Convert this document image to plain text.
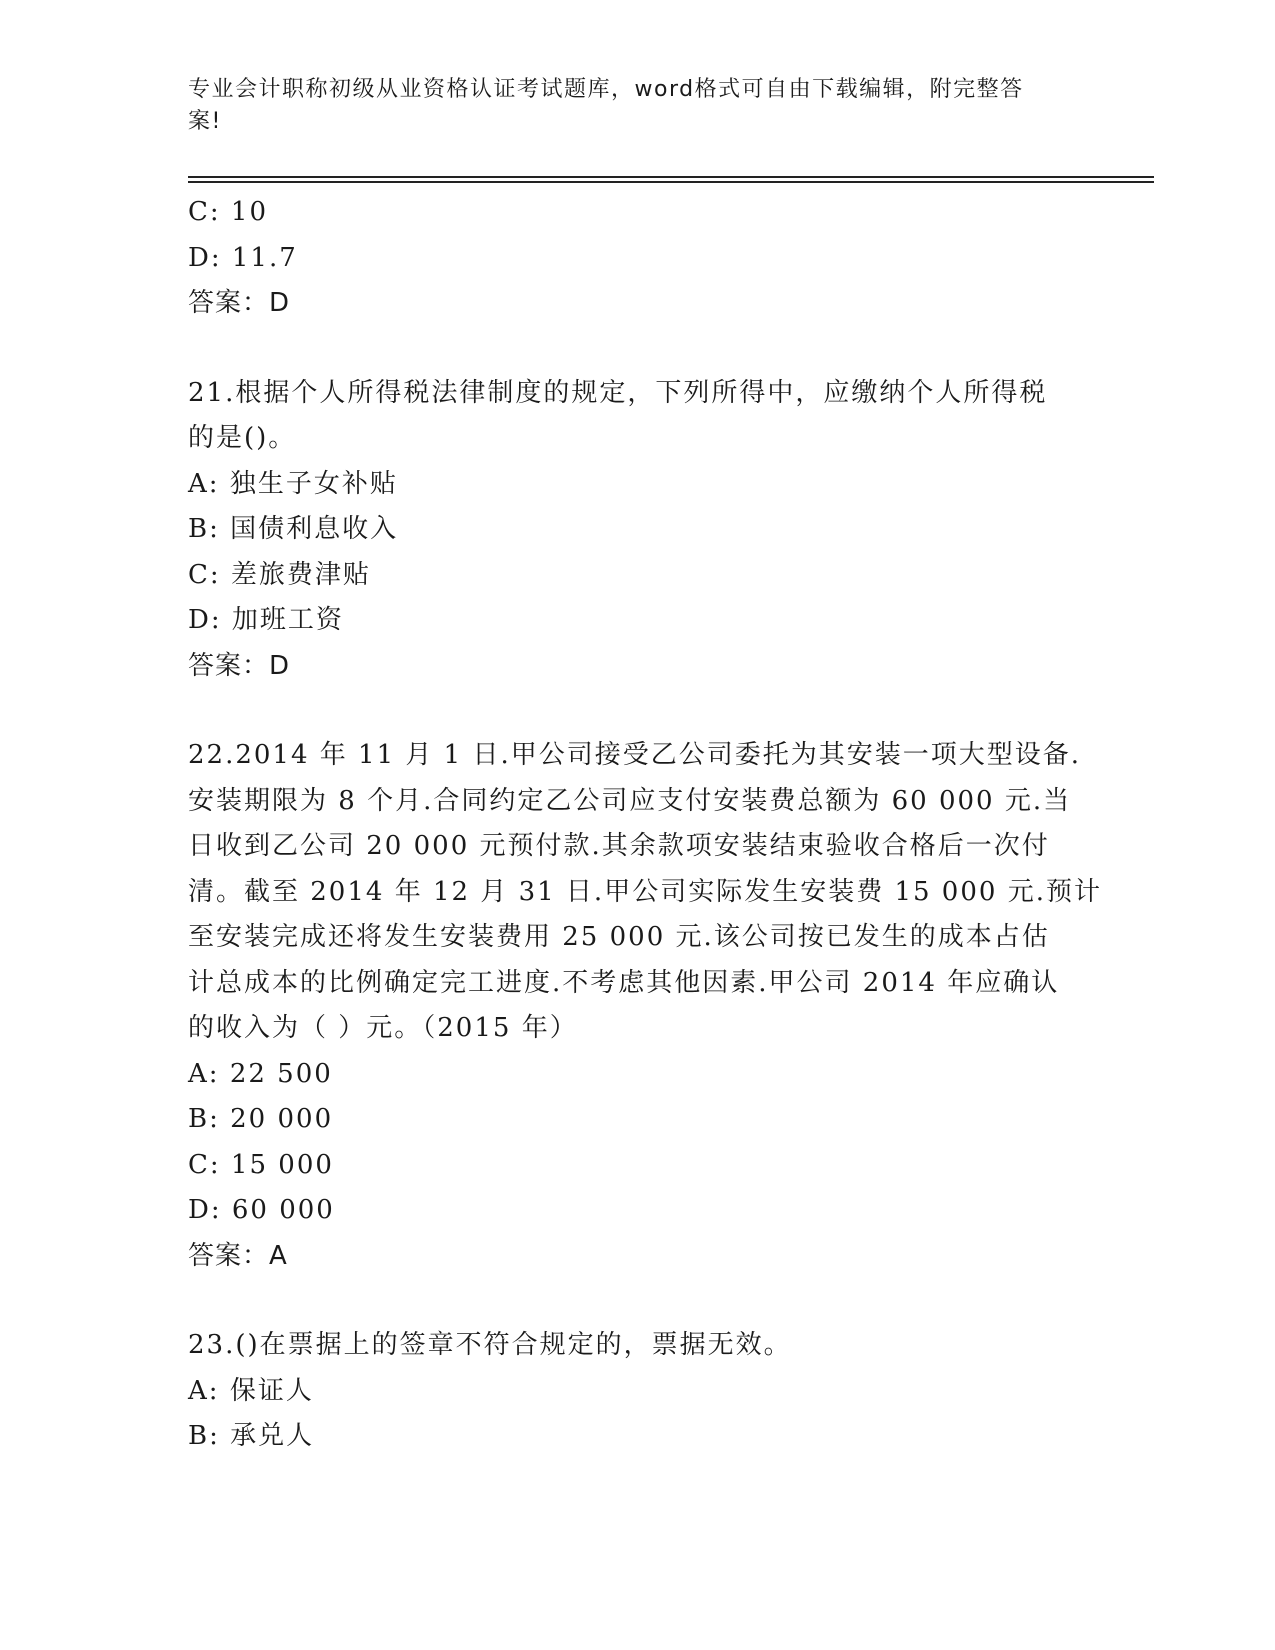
专业会计职称初级从业资格认证考试题库，word格式可自由下载编辑，附完整答
案!
C: 10
D: 11.7
答案：D
21.根据个人所得税法律制度的规定，下列所得中，应缴纳个人所得税
的是()。
A: 独生子女补贴
B: 国债利息收入
C: 差旅费津贴
D: 加班工资
答案：D
22.2014 年 11 月 1 日.甲公司接受乙公司委托为其安装一项大型设备.
安装期限为 8 个月.合同约定乙公司应支付安装费总额为 60 000 元.当
日收到乙公司 20 000 元预付款.其余款项安装结束验收合格后一次付
清。截至 2014 年 12 月 31 日.甲公司实际发生安装费 15 000 元.预计
至安装完成还将发生安装费用 25 000 元.该公司按已发生的成本占估
计总成本的比例确定完工进度.不考虑其他因素.甲公司 2014 年应确认
的收入为（ ）元。（2015 年）
A: 22 500
B: 20 000
C: 15 000
D: 60 000
答案：A
23.()在票据上的签章不符合规定的，票据无效。
A: 保证人
B: 承兑人
